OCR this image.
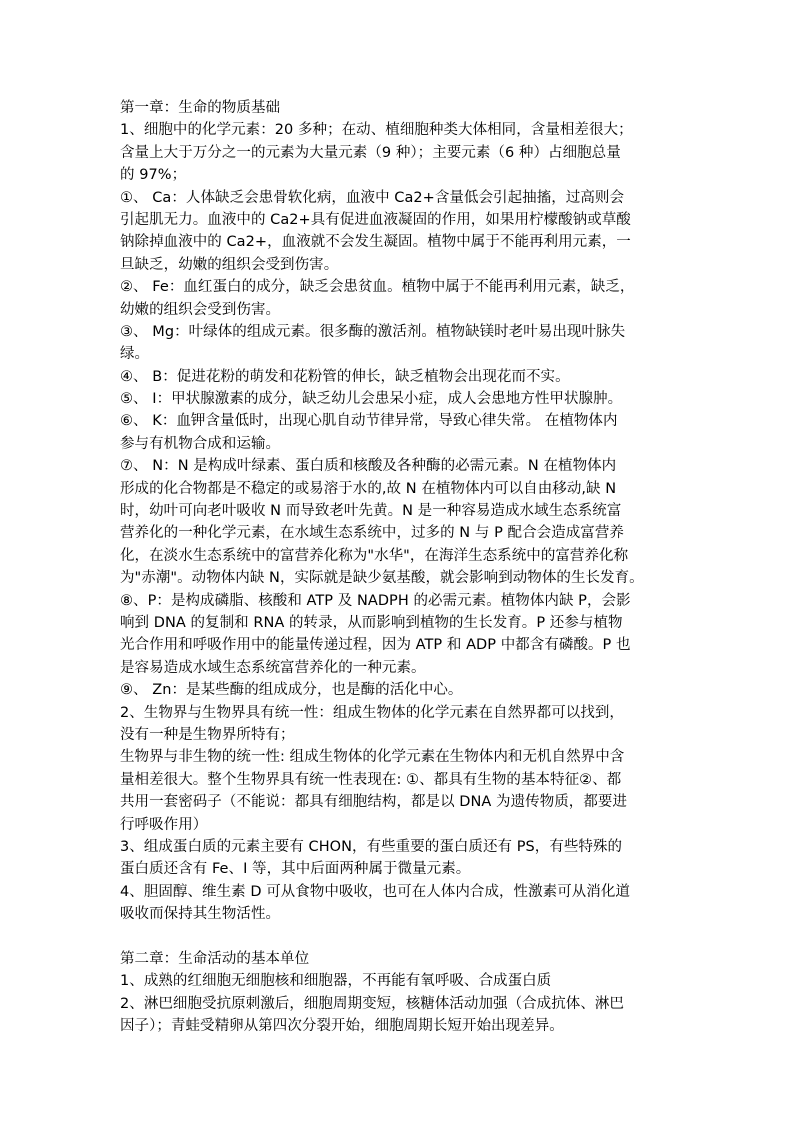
第一章：生命的物质基础
1、细胞中的化学元素：20 多种；在动、植细胞种类大体相同，含量相差很大；
含量上大于万分之一的元素为大量元素（9 种）；主要元素（6 种）占细胞总量
的 97%；
①、 Ca：人体缺乏会患骨软化病，血液中 Ca2+含量低会引起抽搐，过高则会
引起肌无力。血液中的 Ca2+具有促进血液凝固的作用，如果用柠檬酸钠或草酸
钠除掉血液中的 Ca2+，血液就不会发生凝固。植物中属于不能再利用元素，一
旦缺乏，幼嫩的组织会受到伤害。
②、 Fe：血红蛋白的成分，缺乏会患贫血。植物中属于不能再利用元素，缺乏，
幼嫩的组织会受到伤害。
③、 Mg：叶绿体的组成元素。很多酶的激活剂。植物缺镁时老叶易出现叶脉失
绿。
④、 B：促进花粉的萌发和花粉管的伸长，缺乏植物会出现花而不实。
⑤、 I：甲状腺激素的成分，缺乏幼儿会患呆小症，成人会患地方性甲状腺肿。
⑥、 K：血钾含量低时，出现心肌自动节律异常，导致心律失常。 在植物体内
参与有机物合成和运输。
⑦、 N：N 是构成叶绿素、蛋白质和核酸及各种酶的必需元素。N 在植物体内
形成的化合物都是不稳定的或易溶于水的,故 N 在植物体内可以自由移动,缺 N
时，幼叶可向老叶吸收 N 而导致老叶先黄。N 是一种容易造成水域生态系统富
营养化的一种化学元素，在水域生态系统中，过多的 N 与 P 配合会造成富营养
化，在淡水生态系统中的富营养化称为"水华"，在海洋生态系统中的富营养化称
为"赤潮"。动物体内缺 N，实际就是缺少氨基酸，就会影响到动物体的生长发育。
⑧、P：是构成磷脂、核酸和 ATP 及 NADPH 的必需元素。植物体内缺 P，会影
响到 DNA 的复制和 RNA 的转录，从而影响到植物的生长发育。P 还参与植物
光合作用和呼吸作用中的能量传递过程，因为 ATP 和 ADP 中都含有磷酸。P 也
是容易造成水域生态系统富营养化的一种元素。
⑨、 Zn：是某些酶的组成成分，也是酶的活化中心。
2、生物界与生物界具有统一性：组成生物体的化学元素在自然界都可以找到，
没有一种是生物界所特有；
生物界与非生物的统一性: 组成生物体的化学元素在生物体内和无机自然界中含
量相差很大。整个生物界具有统一性表现在: ①、都具有生物的基本特征②、都
共用一套密码子（不能说：都具有细胞结构，都是以 DNA 为遗传物质，都要进
行呼吸作用）
3、组成蛋白质的元素主要有 CHON，有些重要的蛋白质还有 PS，有些特殊的
蛋白质还含有 Fe、I 等，其中后面两种属于微量元素。
4、胆固醇、维生素 D 可从食物中吸收，也可在人体内合成，性激素可从消化道
吸收而保持其生物活性。
第二章：生命活动的基本单位
1、成熟的红细胞无细胞核和细胞器，不再能有氧呼吸、合成蛋白质
2、淋巴细胞受抗原刺激后，细胞周期变短，核糖体活动加强（合成抗体、淋巴
因子）；青蛙受精卵从第四次分裂开始，细胞周期长短开始出现差异。
